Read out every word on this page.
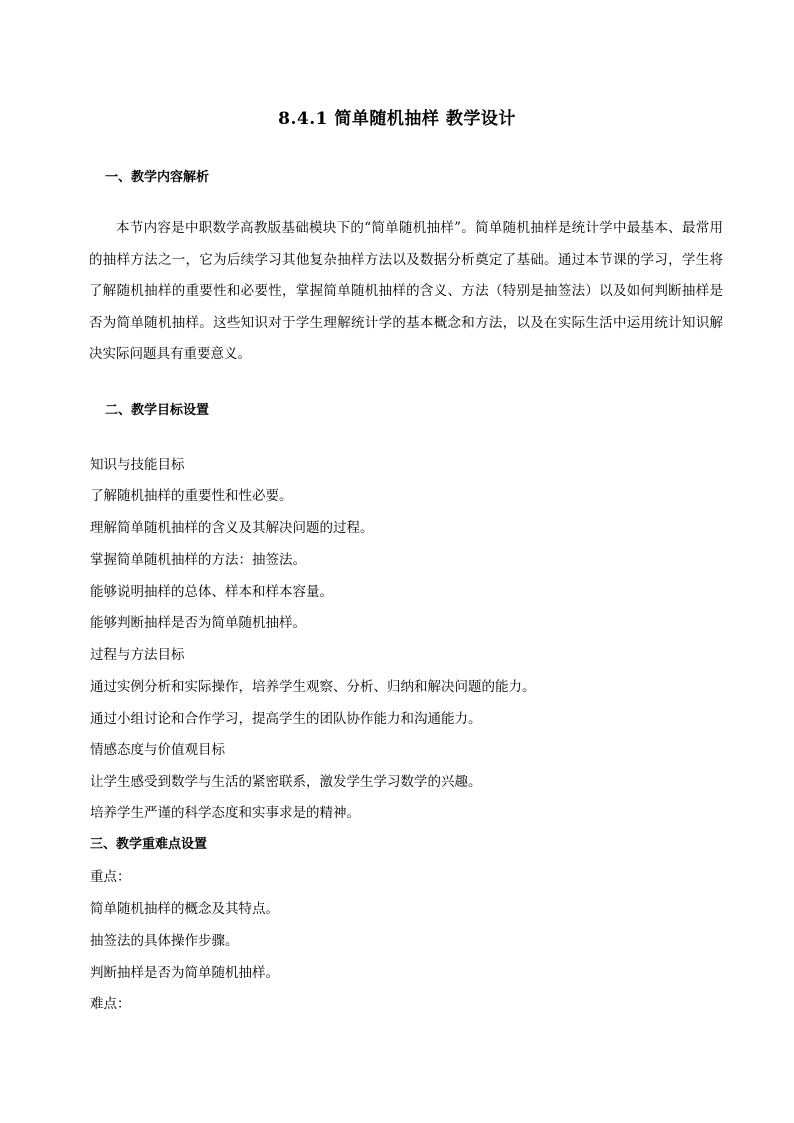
8.4.1 简单随机抽样 教学设计
一、教学内容解析
本节内容是中职数学高教版基础模块下的“简单随机抽样”。简单随机抽样是统计学中最基本、最常用的抽样方法之一，它为后续学习其他复杂抽样方法以及数据分析奠定了基础。通过本节课的学习，学生将了解随机抽样的重要性和必要性，掌握简单随机抽样的含义、方法（特别是抽签法）以及如何判断抽样是否为简单随机抽样。这些知识对于学生理解统计学的基本概念和方法，以及在实际生活中运用统计知识解决实际问题具有重要意义。
二、教学目标设置
知识与技能目标
了解随机抽样的重要性和性必要。
理解简单随机抽样的含义及其解决问题的过程。
掌握简单随机抽样的方法：抽签法。
能够说明抽样的总体、样本和样本容量。
能够判断抽样是否为简单随机抽样。
过程与方法目标
通过实例分析和实际操作，培养学生观察、分析、归纳和解决问题的能力。
通过小组讨论和合作学习，提高学生的团队协作能力和沟通能力。
情感态度与价值观目标
让学生感受到数学与生活的紧密联系，激发学生学习数学的兴趣。
培养学生严谨的科学态度和实事求是的精神。
三、教学重难点设置
重点：
简单随机抽样的概念及其特点。
抽签法的具体操作步骤。
判断抽样是否为简单随机抽样。
难点：
